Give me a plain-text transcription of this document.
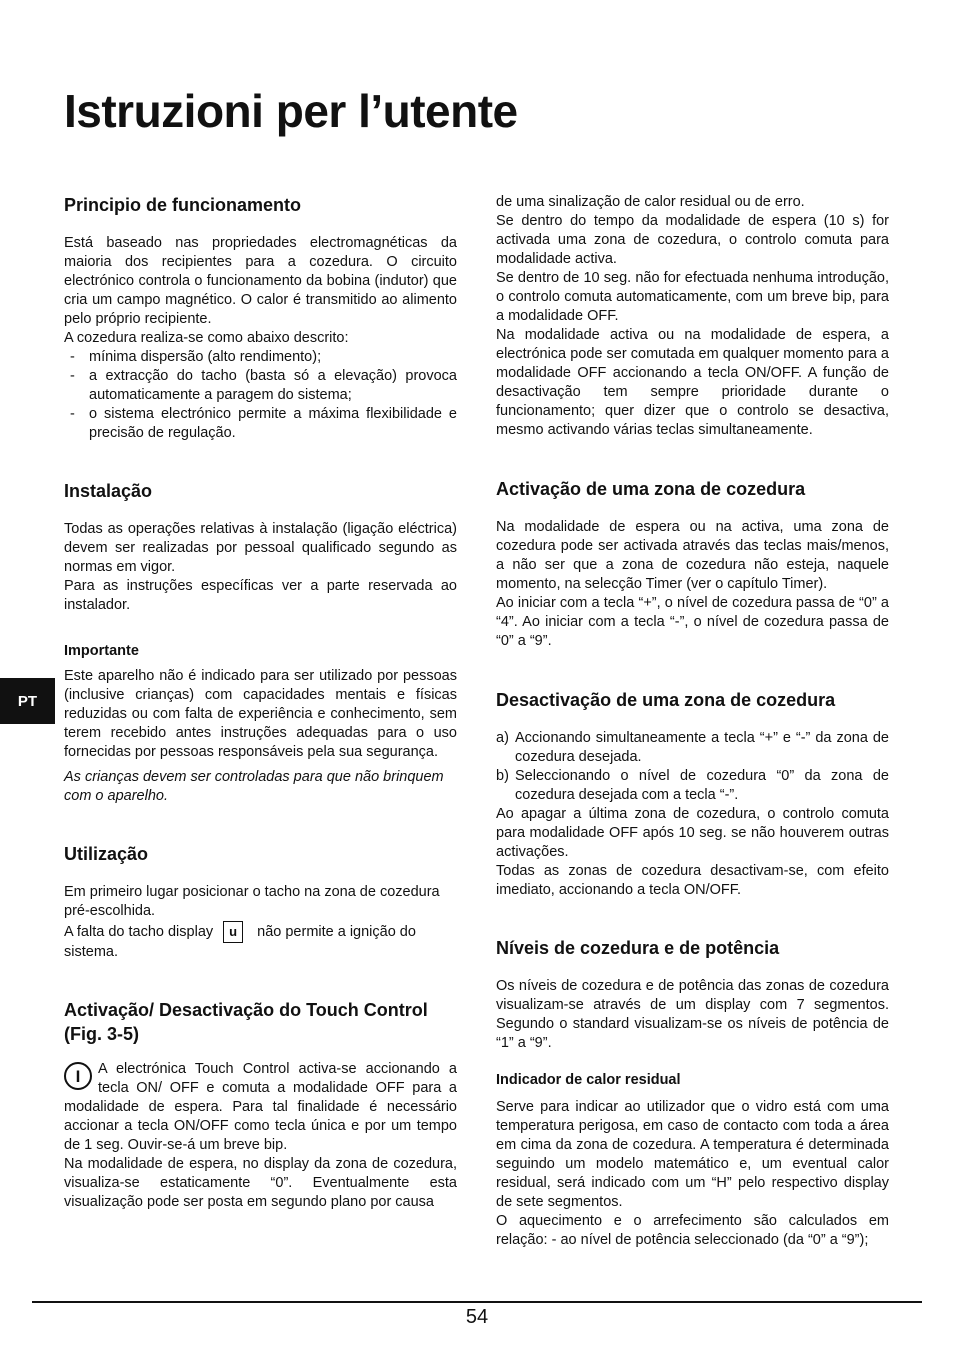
Istruzioni per l’utente
PT
Principio de funcionamento

Está baseado nas propriedades electromagnéticas da maioria dos recipientes para a cozedura. O circuito electrónico controla o funcionamento da bobina (indutor) que cria um campo magnético. O calor é transmitido ao alimento pelo próprio recipiente.

A cozedura realiza-se como abaixo descrito:

- mínima dispersão (alto rendimento);
- a extracção do tacho (basta só a elevação) provoca automaticamente a paragem do sistema;
- o sistema electrónico permite a máxima flexibilidade e precisão de regulação.
Instalação

Todas as operações relativas à instalação (ligação eléctrica) devem ser realizadas por pessoal qualificado segundo as normas em vigor.

Para as instruções específicas ver a parte reservada ao instalador.

Importante

Este aparelho não é indicado para ser utilizado por pessoas (inclusive crianças) com capacidades mentais e físicas reduzidas ou com falta de experiência e conhecimento, sem terem recebido antes instruções adequadas para o uso fornecidas por pessoas responsáveis pela sua segurança.

As crianças devem ser controladas para que não brinquem com o aparelho.

Utilização

Em primeiro lugar posicionar o tacho na zona de cozedura pré-escolhida.

A falta do tacho display u não permite a ignição do sistema.

Activação/ Desactivação do Touch Control (Fig. 3-5)

I	A electrónica Touch Control activa-se accionando a tecla ON/ OFF e comuta a modalidade OFF para a modalidade de espera. Para tal finalidade é necessário accionar a tecla ON/OFF como tecla única e por um tempo de 1 seg. Ouvir-se-á um breve bip.

Na modalidade de espera, no display da zona de cozedura, visualiza-se estaticamente “0”. Eventualmente esta visualização pode ser posta em segundo plano por causa

de uma sinalização de calor residual ou de erro.

Se dentro do tempo da modalidade de espera (10 s) for activada uma zona de cozedura, o controlo comuta para modalidade activa.

Se dentro de 10 seg. não for efectuada nenhuma introdução, o controlo comuta automaticamente, com um breve bip, para a modalidade OFF.

Na modalidade activa ou na modalidade de espera, a electrónica pode ser comutada em qualquer momento para a modalidade OFF accionando a tecla ON/OFF. A função de desactivação tem sempre prioridade durante o funcionamento; quer dizer que o controlo se desactiva, mesmo activando várias teclas simultaneamente.

Activação de uma zona de cozedura

Na modalidade de espera ou na activa, uma zona de cozedura pode ser activada através das teclas mais/menos, a não ser que a zona de cozedura não esteja, naquele momento, na selecção Timer (ver o capítulo Timer).

Ao iniciar com a tecla “+”, o nível de cozedura passa de “0” a “4”. Ao iniciar com a tecla “-”, o nível de cozedura passa de “0” a “9”.

Desactivação de uma zona de cozedura
a) Accionando simultaneamente a tecla “+” e “-” da zona de cozedura desejada.
b) Seleccionando o nível de cozedura “0” da zona de cozedura desejada com a tecla “-”.

Ao apagar a última zona de cozedura, o controlo comuta para modalidade OFF após 10 seg. se não houverem outras activações.

Todas as zonas de cozedura desactivam-se, com efeito imediato, accionando a tecla ON/OFF.

Níveis de cozedura e de potência

Os níveis de cozedura e de potência das zonas de cozedura visualizam-se através de um display com 7 segmentos. Segundo o standard visualizam-se os níveis de potência de “1” a “9”.

Indicador de calor residual

Serve para indicar ao utilizador que o vidro está com uma temperatura perigosa, em caso de contacto com toda a área em cima da zona de cozedura. A temperatura é determinada seguindo um modelo matemático e, um eventual calor residual, será indicado com um “H” pelo respectivo display de sete segmentos.

O aquecimento e o arrefecimento são calculados em relação: - ao nível de potência seleccionado (da “0” a “9”);

54
